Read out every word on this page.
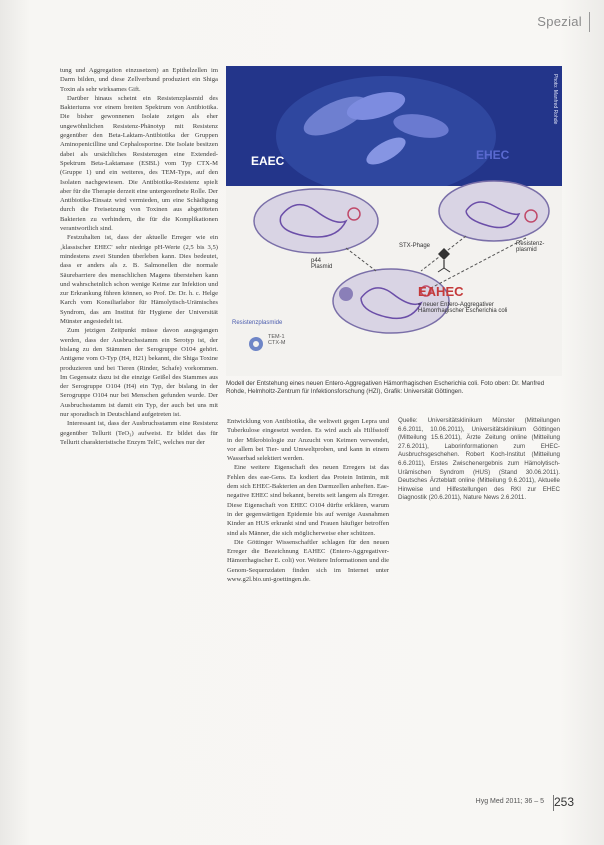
Spezial

tung und Aggregation einzusetzen) an Epithelzellen im Darm bilden, und diese Zellverbund produziert ein Shiga Toxin als sehr wirksames Gift.

Darüber hinaus scheint ein Resistenzplasmid des Bakteriums vor einem breiten Spektrum von Antibiotika. Die bisher gewonnenen Isolate zeigen als eher ungewöhnlichen Resistenz-Phänotyp mit Resistenz gegenüber den Beta-Laktam-Antibiotika der Gruppen Aminopenicilline und Cephalosporine. Die Isolate besitzen dabei als ursächliches Resistenzgen eine Extended-Spektrum Beta-Laktamase (ESBL) vom Typ CTX-M (Gruppe 1) und ein weiteres, des TEM-Typs, auf den Isolaten nachgewiesen. Die Antibiotika-Resistenz spielt aber für die Therapie derzeit eine untergeordnete Rolle. Der Antibiotika-Einsatz wird vermieden, um eine Schädigung durch die Freisetzung von Toxinen aus abgetöteten Bakterien zu verhindern, die für die Komplikationen verantwortlich sind.

Festzuhalten ist, dass der aktuelle Erreger wie ein ‚klassischer EHEC' sehr niedrige pH-Werte (2,5 bis 3,5) mindestens zwei Stunden überleben kann. Dies bedeutet, dass er anders als z. B. Salmonellen die normale Säurebarriere des menschlichen Magens überstehen kann und wahrscheinlich schon wenige Keime zur Infektion und zur Erkrankung führen können, so Prof. Dr. Dr. h. c. Helge Karch vom Konsiliarlabor für Hämolytisch-Urämisches Syndrom, das am Institut für Hygiene der Universität Münster angesiedelt ist.

Zum jetzigen Zeitpunkt müsse davon ausgegangen werden, dass der Ausbruchsstamm ein Serotyp ist, der bislang zu den Stämmen der Serogruppe O104 gehört. Antigene vom O-Typ (H4, H21) bekannt, die Shiga Toxine produzieren und bei Tieren (Rinder, Schafe) vorkommen. Im Gegensatz dazu ist die einzige Geißel des Stammes aus der Serogruppe O104 (H4) ein Typ, der bislang in der Serogruppe O104 nur bei Menschen gefunden wurde. Der Ausbruchsstamm ist damit ein Typ, der auch bei uns mit nur sporadisch in Deutschland aufgetreten ist.

Interessant ist, dass der Ausbruchsstamm eine Resistenz gegenüber Tellurit (TeO₃) aufweist. Er bildet das für Tellurit charakteristische Enzym TelC, welches nur der

EAEC	EHEC
EAHEC
p44
Plasmid
STX-Phage	Resistenz-
plasmid
Resistenzplasmide
TEM-1
CTX-M
= neuer Entero-Aggregativer
Hämorrhagischer Escherichia coli
Photo: Manfred Rohde
Modell der Entstehung eines neuen Entero-Aggregativen Hämorrhagischen Escherichia coli. Foto oben: Dr. Manfred Rohde, Helmholtz-Zentrum für Infektionsforschung (HZI), Grafik: Universität Göttingen.

Entwicklung von Antibiotika, die weltweit gegen Lepra und Tuberkulose eingesetzt werden. Es wird auch als Hilfsstoff in der Mikrobiologie zur Anzucht von Keimen verwendet, vor allem bei Tier- und Umweltproben, und kann in einem Wasserbad selektiert werden.

Eine weitere Eigenschaft des neuen Erregers ist das Fehlen des eae-Gens. Es kodiert das Protein Intimin, mit dem sich EHEC-Bakterien an den Darmzellen anheften. Eae-negative EHEC sind bekannt, bereits seit langem als Erreger. Diese Eigenschaft von EHEC O104 dürfte erklären, warum in der gegenwärtigen Epidemie bis auf wenige Ausnahmen Kinder an HUS erkrankt sind und Frauen häufiger betroffen sind als Männer, die sich möglicherweise eher schützen.

Die Göttinger Wissenschaftler schlagen für den neuen Erreger die Bezeichnung EAHEC (Entero-Aggregativer-Hämorrhagischer E. coli) vor. Weitere Informationen und die Genom-Sequenzdaten finden sich im Internet unter www.g2l.bio.uni-goettingen.de.

Quelle: Universitätsklinikum Münster (Mitteilungen 6.6.2011, 10.06.2011), Universitätsklinikum Göttingen (Mitteilung 15.6.2011), Ärzte Zeitung online (Mitteilung 27.6.2011), Laborinformationen zum EHEC-Ausbruchsgeschehen. Robert Koch-Institut (Mitteilung 6.6.2011), Erstes Zwischenergebnis zum Hämolytisch-Urämischen Syndrom (HUS) (Stand 30.06.2011). Deutsches Ärzteblatt online (Mitteilung 9.6.2011), Aktuelle Hinweise und Hilfestellungen des RKI zur EHEC Diagnostik (20.6.2011), Nature News 2.6.2011.

Hyg Med 2011; 36 – 5 253
